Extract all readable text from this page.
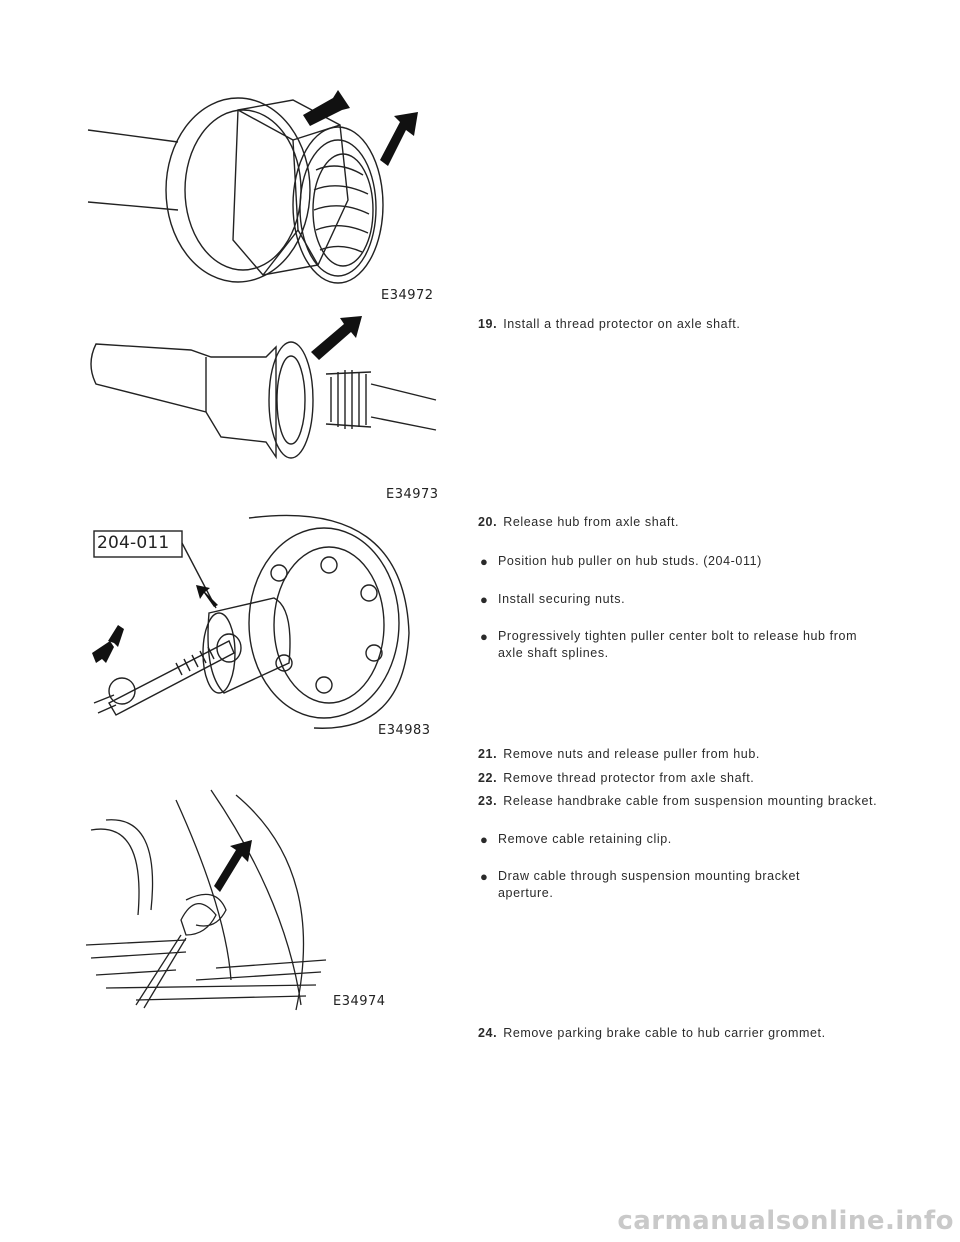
E34972
E34973
204-011
E34983
E34974
19. Install a thread protector on axle shaft.
20. Release hub from axle shaft.
● Position hub puller on hub studs. (204-011)
● Install securing nuts.
● Progressively tighten puller center bolt to release hub from axle shaft splines.
21. Remove nuts and release puller from hub.
22. Remove thread protector from axle shaft.
23. Release handbrake cable from suspension mounting bracket.
● Remove cable retaining clip.
● Draw cable through suspension mounting bracket aperture.
24. Remove parking brake cable to hub carrier grommet.
carmanualsonline.info
